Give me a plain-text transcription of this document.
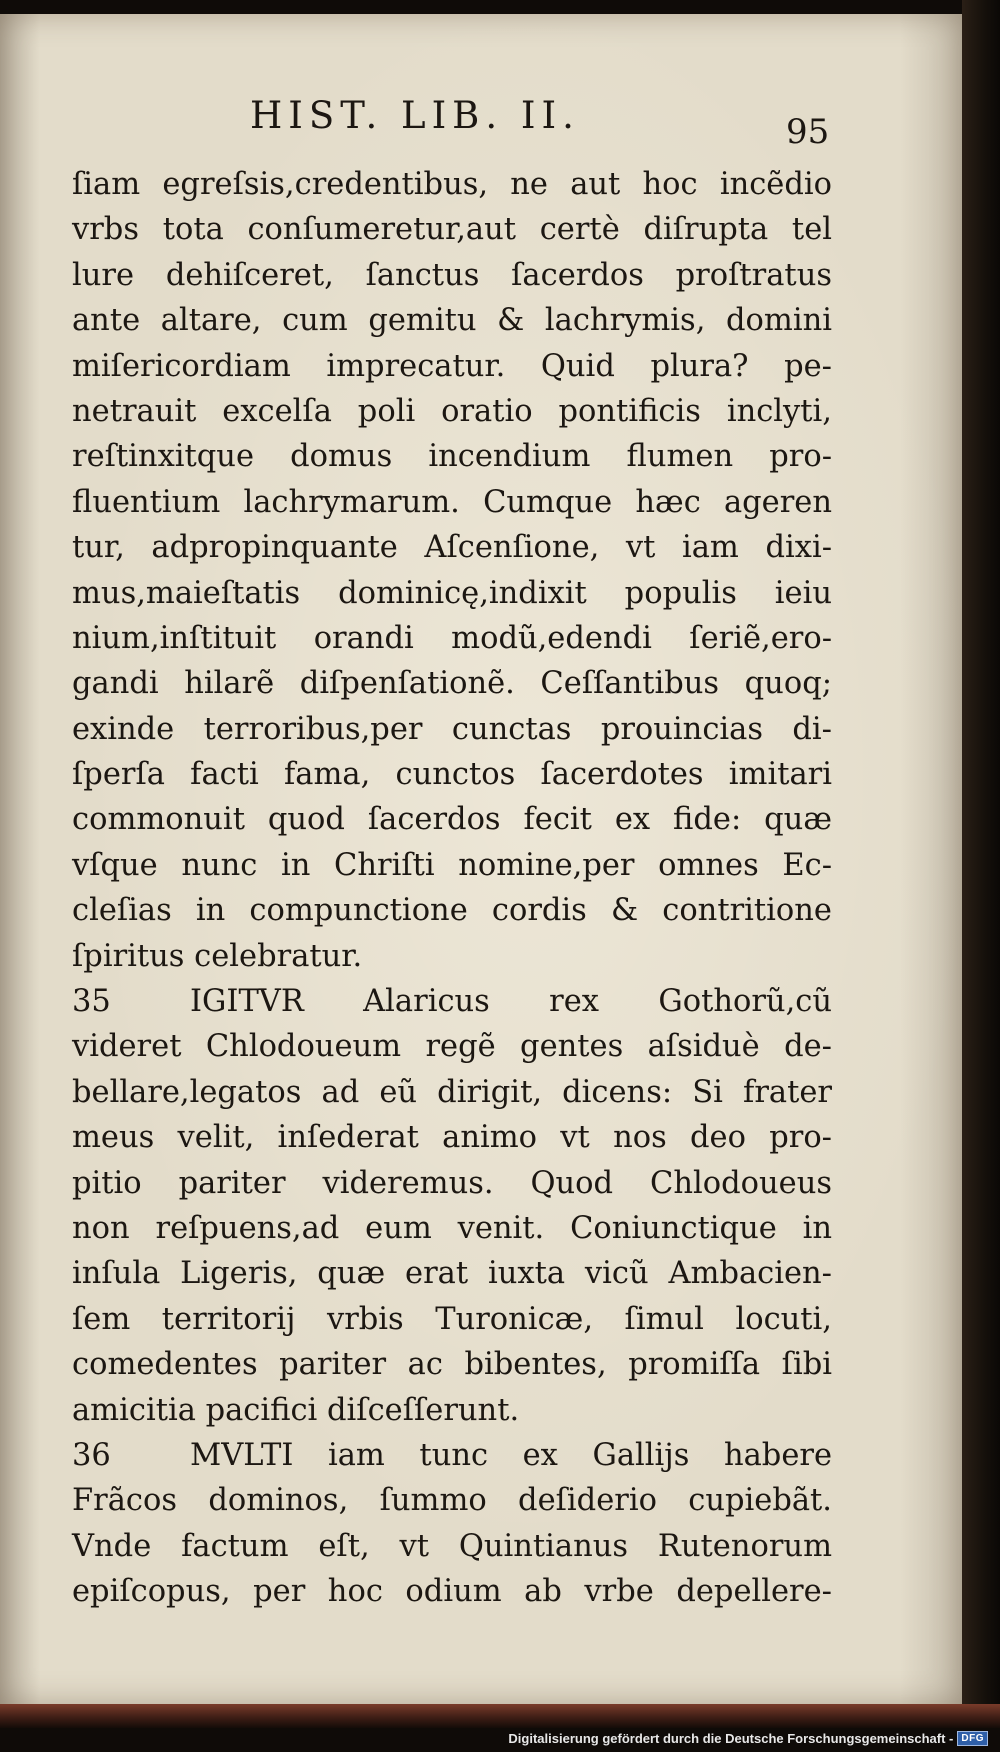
HIST. LIB. II.	95
ſiam egreſsis,credentibus, ne aut hoc incẽdio
vrbs tota conſumeretur,aut certè diſrupta tel
lure dehiſceret, ſanctus ſacerdos proſtratus
ante altare, cum gemitu & lachrymis, domini
miſericordiam imprecatur. Quid plura? pe-
netrauit excelſa poli oratio pontificis inclyti,
reſtinxitque domus incendium flumen pro-
fluentium lachrymarum. Cumque hæc ageren
tur, adpropinquante Aſcenſione, vt iam dixi-
mus,maieſtatis dominicę,indixit populis ieiu
nium,inſtituit orandi modũ,edendi ſeriẽ,ero-
gandi hilarẽ diſpenſationẽ. Ceſſantibus quoq;
exinde terroribus,per cunctas prouincias di-
ſperſa facti fama, cunctos ſacerdotes imitari
commonuit quod ſacerdos fecit ex fide: quæ
vſque nunc in Chriſti nomine,per omnes Ec-
cleſias in compunctione cordis & contritione
ſpiritus celebratur.
35	IGITVR Alaricus rex Gothorũ,cũ
videret Chlodoueum regẽ gentes aſsiduè de-
bellare,legatos ad eũ dirigit, dicens: Si frater
meus velit, inſederat animo vt nos deo pro-
pitio pariter videremus. Quod Chlodoueus
non reſpuens,ad eum venit. Coniunctique in
inſula Ligeris, quæ erat iuxta vicũ Ambacien-
ſem territorij vrbis Turonicæ, ſimul locuti,
comedentes pariter ac bibentes, promiſſa ſibi
amicitia pacifici diſceſſerunt.
36	MVLTI iam tunc ex Gallijs habere
Frãcos dominos, ſummo deſiderio cupiebãt.
Vnde factum eſt, vt Quintianus Rutenorum
epiſcopus, per hoc odium ab vrbe depellere-
Digitalisierung gefördert durch die Deutsche Forschungsgemeinschaft - DFG
